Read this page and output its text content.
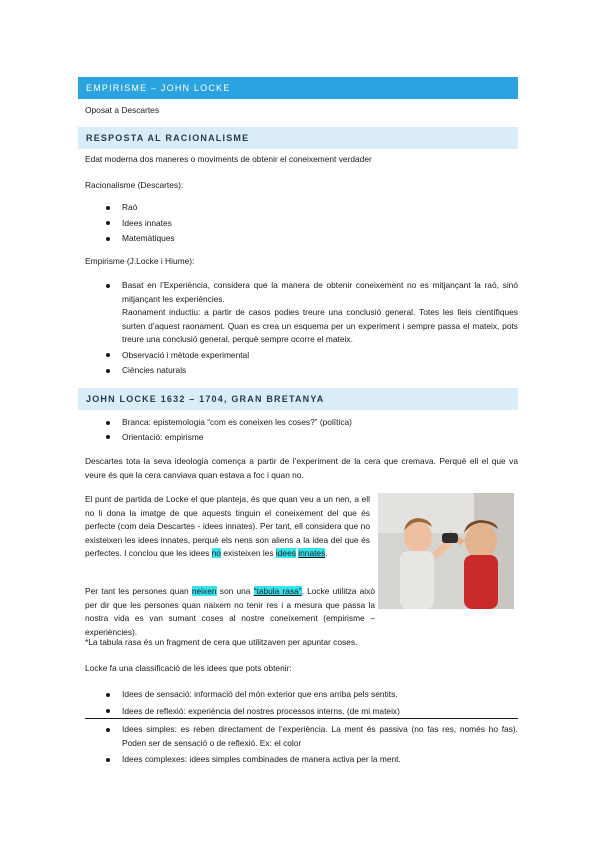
EMPIRISME – JOHN LOCKE

Oposat a Descartes

RESPOSTA AL RACIONALISME

Edat moderna dos maneres o moviments de obtenir el coneixement verdader

Racionalisme (Descartes):

Raó
Idees innates
Matemàtiques

Empirisme (J.Locke i Hiume):

Basat en l’Experiència, considera que la manera de obtenir coneixement no es mitjançant la raó, sinó mitjançant les experiències.
Raonament inductiu: a partir de casos podies treure una conclusió general. Totes les lleis científiques surten d’aquest raonament. Quan es crea un esquema per un experiment i sempre passa el mateix, pots treure una conclusió general, perquè sempre ocorre el mateix.
Observació i mètode experimental
Ciències naturals
JOHN LOCKE 1632 – 1704, GRAN BRETANYA
Branca: epistemologia “com es coneixen les coses?” (política)
Orientació: empirisme

Descartes tota la seva ideologia comença a partir de l’experiment de la cera que cremava. Perquè ell el que va veure és que la cera canviava quan estava a foc i quan no.

El punt de partida de Locke el que planteja, és que quan veu a un nen, a ell no li dona la imatge de que aquests tinguin el coneixement del que és perfecte (com deia Descartes - idees innates). Per tant, ell considera que no existeixen les idees innates, perquè els nens son aliens a la idea del que és perfectes. I conclou que les idees no existeixen les idees innates.

Per tant les persones quan neixen son una “tabula rasa”. Locke utilitza això per dir que les persones quan naixem no tenir res i a mesura que passa la nostra vida es van sumant coses al nostre coneixement (empirisme – experiències).

*La tabula rasa és un fragment de cera que utilitzaven per apuntar coses.

Locke fa una classificació de les idees que pots obtenir:

Idees de sensació: informació del món exterior que ens arriba pels sentits.
Idees de reflexió: experiència del nostres processos interns. (de mi mateix)
Idees simples: es reben directament de l’experiència. La ment és passiva (no fas res, només ho fas). Poden ser de sensació o de reflexió. Ex: el color
Idees complexes: idees simples combinades de manera activa per la ment.
